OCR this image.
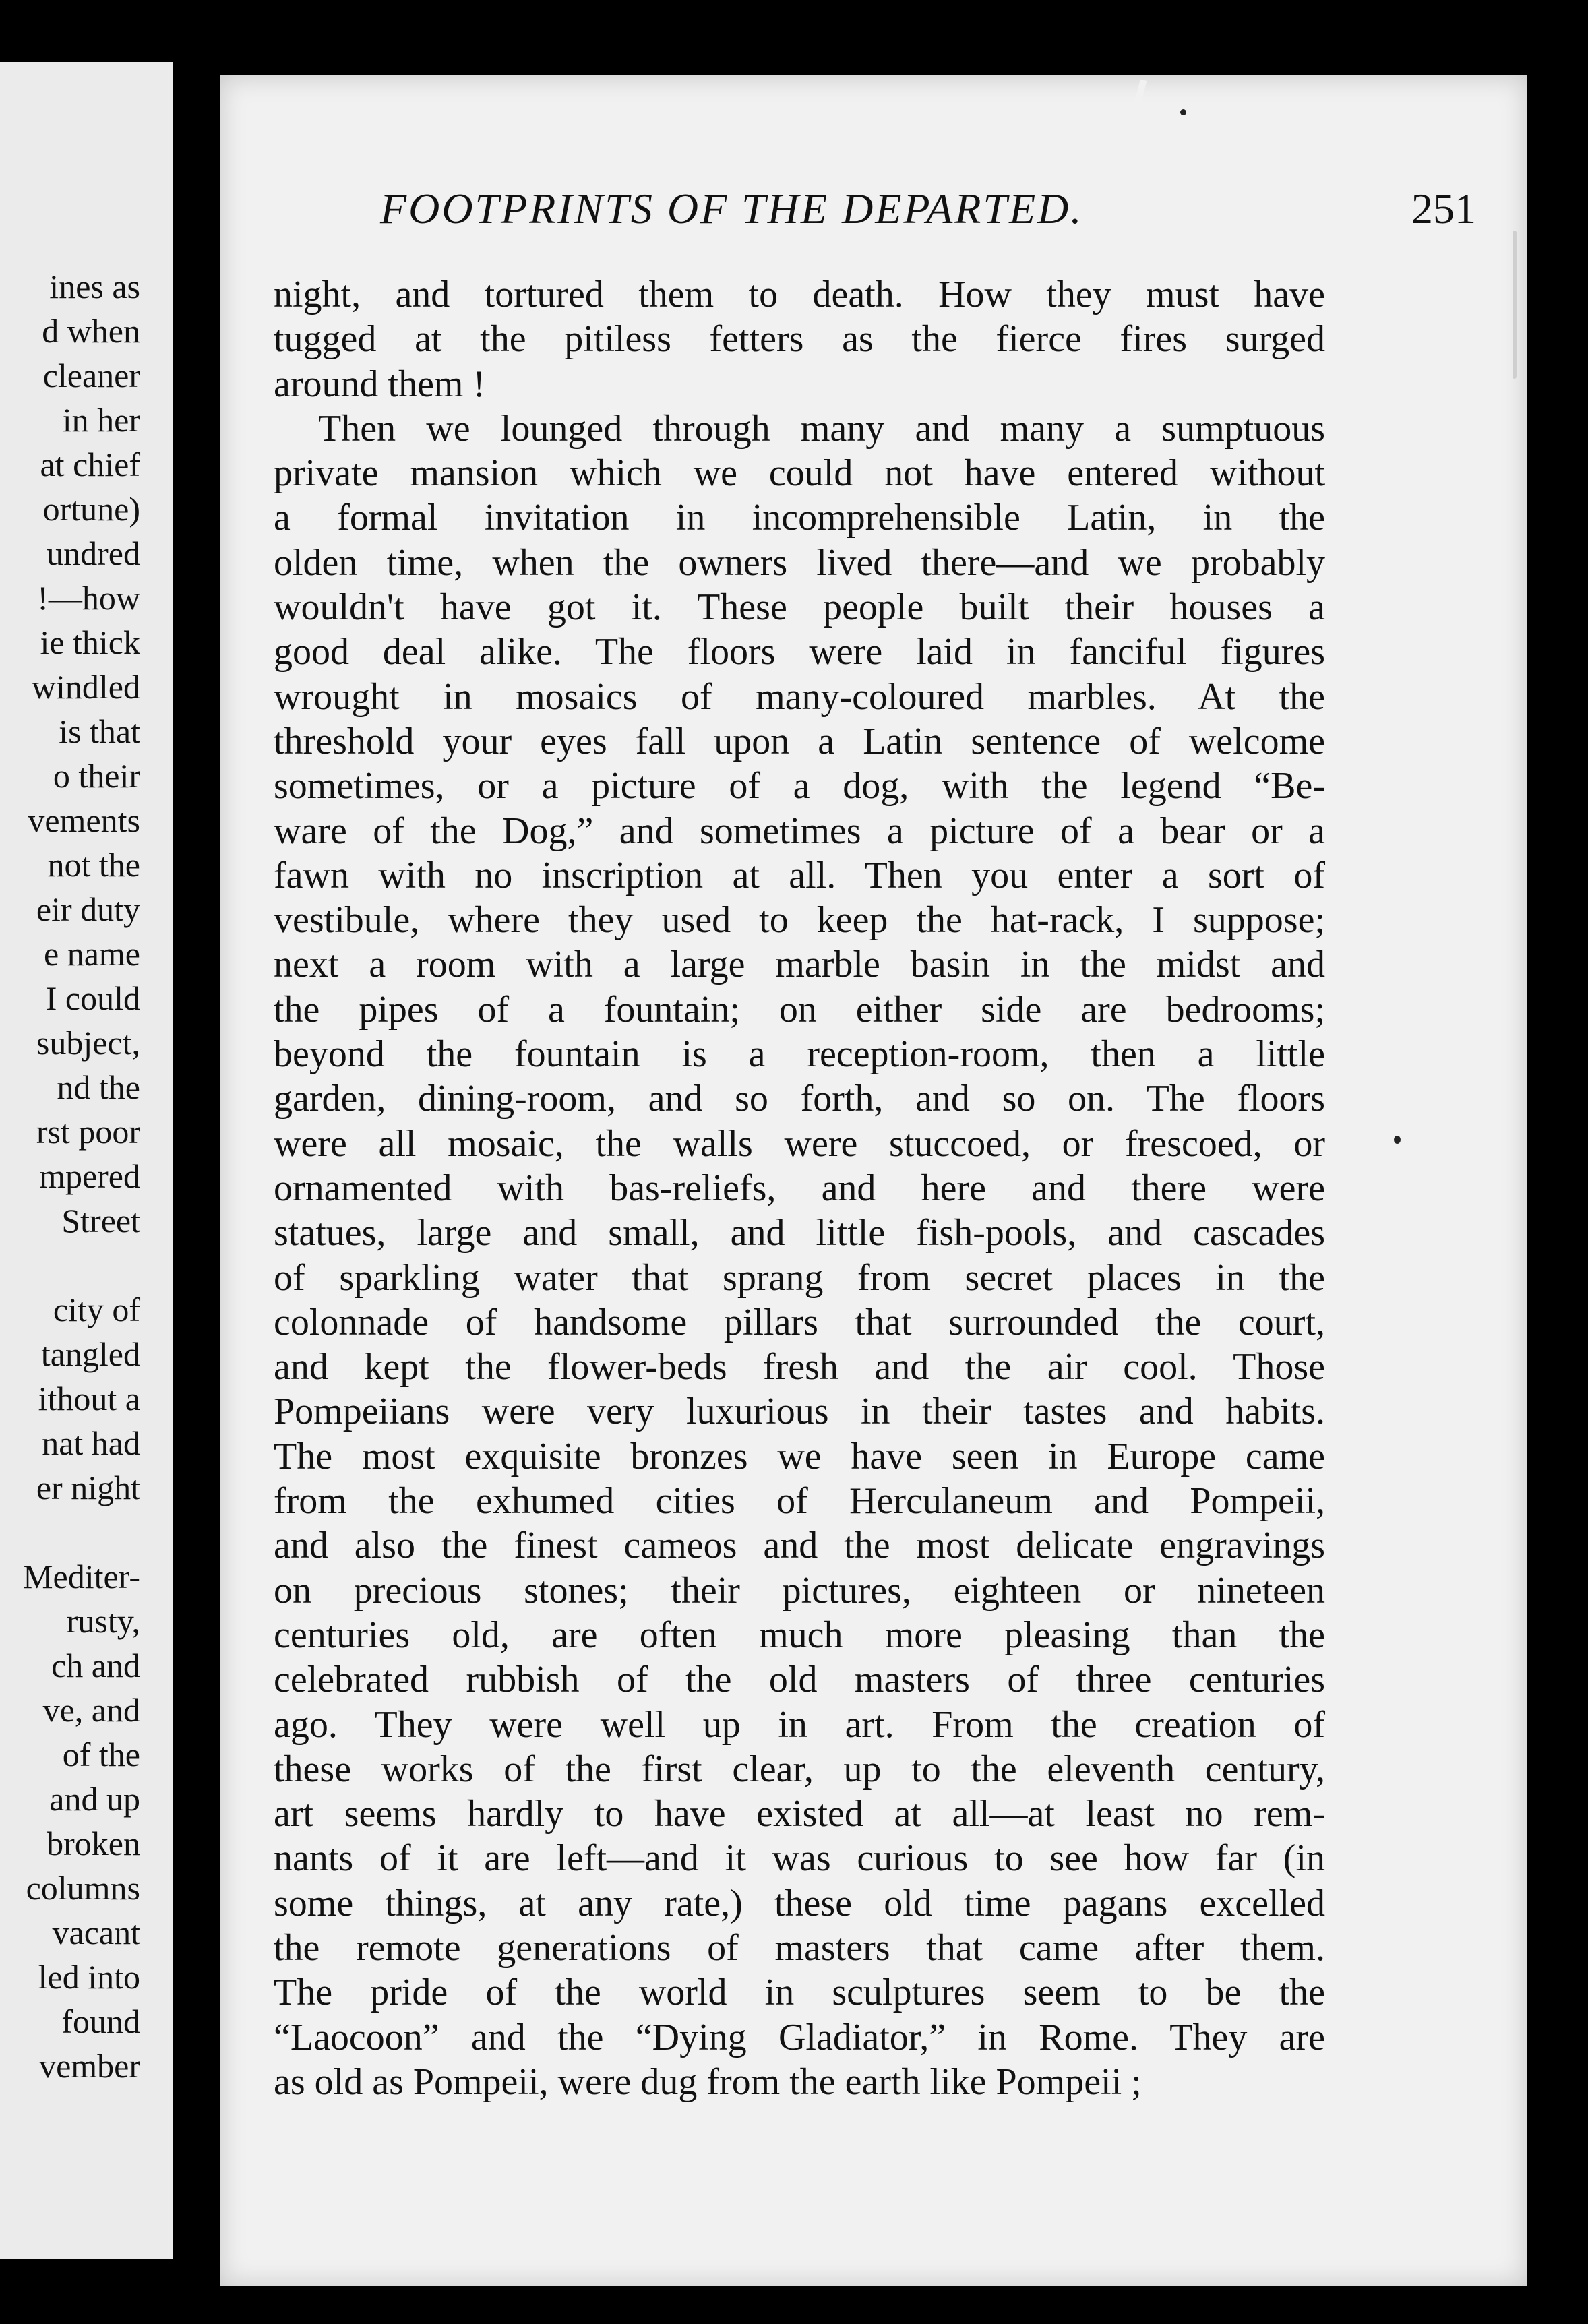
ines as
d when
cleaner
in her
at chief
ortune)
undred
!—how
ie thick
windled
is that
o their
vements
not the
eir duty
e name
I could
subject,
nd the
rst poor
mpered
Street
city of
tangled
ithout a
nat had
er night
Mediter-
rusty,
ch and
ve, and
of the
and up
broken
columns
vacant
led into
found
vember
FOOTPRINTS OF THE DEPARTED.	251
night, and tortured them to death. How they must have
tugged at the pitiless fetters as the fierce fires surged
around them !
Then we lounged through many and many a sumptuous
private mansion which we could not have entered without
a formal invitation in incomprehensible Latin, in the
olden time, when the owners lived there—and we probably
wouldn't have got it. These people built their houses a
good deal alike. The floors were laid in fanciful figures
wrought in mosaics of many-coloured marbles. At the
threshold your eyes fall upon a Latin sentence of welcome
sometimes, or a picture of a dog, with the legend “Be-
ware of the Dog,” and sometimes a picture of a bear or a
fawn with no inscription at all. Then you enter a sort of
vestibule, where they used to keep the hat-rack, I suppose;
next a room with a large marble basin in the midst and
the pipes of a fountain; on either side are bedrooms;
beyond the fountain is a reception-room, then a little
garden, dining-room, and so forth, and so on. The floors
were all mosaic, the walls were stuccoed, or frescoed, or
ornamented with bas-reliefs, and here and there were
statues, large and small, and little fish-pools, and cascades
of sparkling water that sprang from secret places in the
colonnade of handsome pillars that surrounded the court,
and kept the flower-beds fresh and the air cool. Those
Pompeiians were very luxurious in their tastes and habits.
The most exquisite bronzes we have seen in Europe came
from the exhumed cities of Herculaneum and Pompeii,
and also the finest cameos and the most delicate engravings
on precious stones; their pictures, eighteen or nineteen
centuries old, are often much more pleasing than the
celebrated rubbish of the old masters of three centuries
ago. They were well up in art. From the creation of
these works of the first clear, up to the eleventh century,
art seems hardly to have existed at all—at least no rem-
nants of it are left—and it was curious to see how far (in
some things, at any rate,) these old time pagans excelled
the remote generations of masters that came after them.
The pride of the world in sculptures seem to be the
“Laocoon” and the “Dying Gladiator,” in Rome. They are
as old as Pompeii, were dug from the earth like Pompeii ;
